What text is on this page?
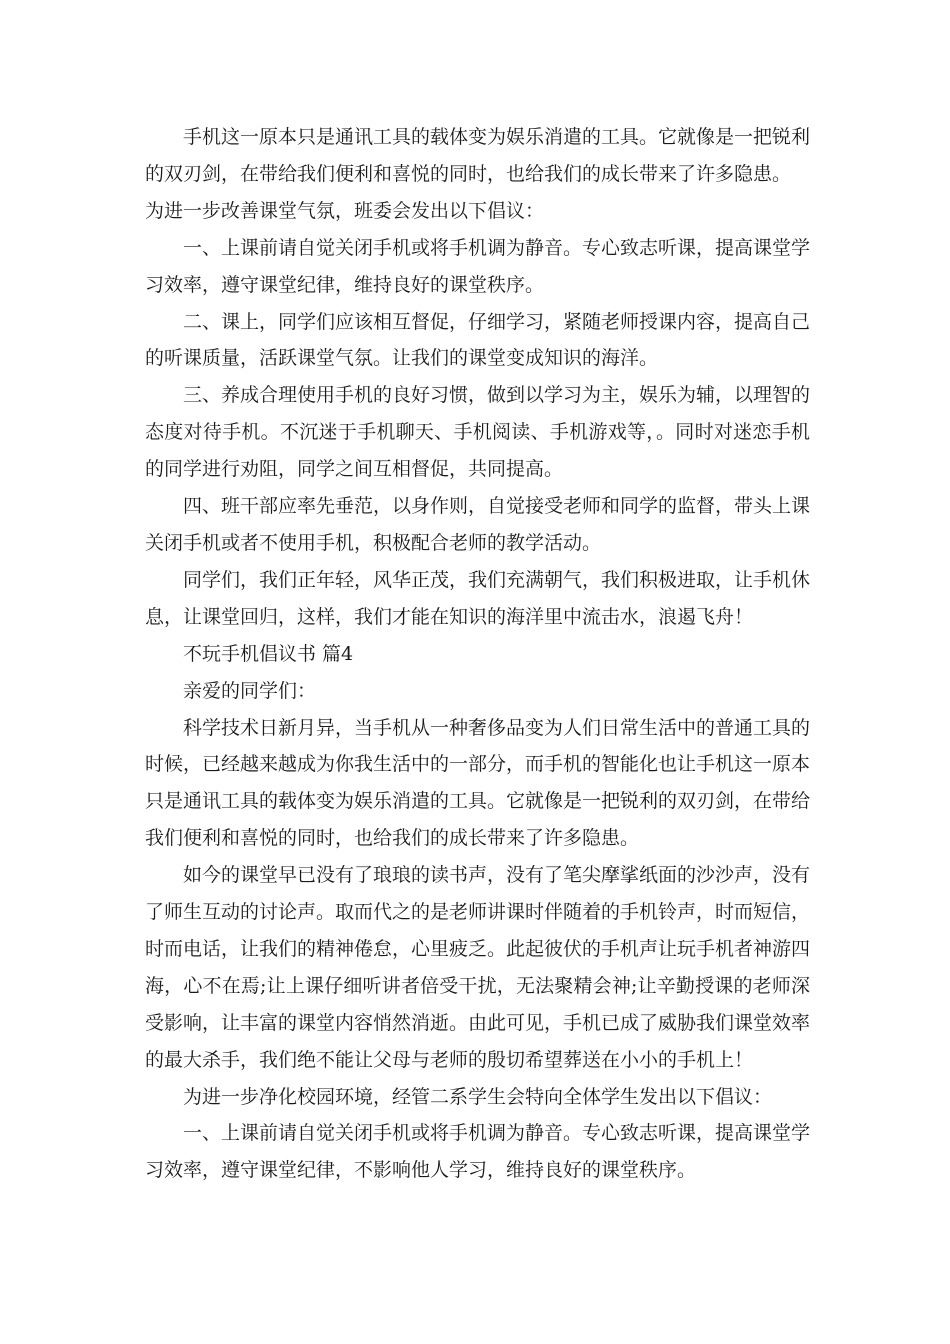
手机这一原本只是通讯工具的载体变为娱乐消遣的工具。它就像是一把锐利的双刃剑，在带给我们便利和喜悦的同时，也给我们的成长带来了许多隐患。

为进一步改善课堂气氛，班委会发出以下倡议：

一、上课前请自觉关闭手机或将手机调为静音。专心致志听课，提高课堂学习效率，遵守课堂纪律，维持良好的课堂秩序。

二、课上，同学们应该相互督促，仔细学习，紧随老师授课内容，提高自己的听课质量，活跃课堂气氛。让我们的课堂变成知识的海洋。

三、养成合理使用手机的良好习惯，做到以学习为主，娱乐为辅，以理智的态度对待手机。不沉迷于手机聊天、手机阅读、手机游戏等，。同时对迷恋手机的同学进行劝阻，同学之间互相督促，共同提高。

四、班干部应率先垂范，以身作则，自觉接受老师和同学的监督，带头上课关闭手机或者不使用手机，积极配合老师的教学活动。

同学们，我们正年轻，风华正茂，我们充满朝气，我们积极进取，让手机休息，让课堂回归，这样，我们才能在知识的海洋里中流击水，浪遏飞舟！

不玩手机倡议书 篇4

亲爱的同学们：

科学技术日新月异，当手机从一种奢侈品变为人们日常生活中的普通工具的时候，已经越来越成为你我生活中的一部分，而手机的智能化也让手机这一原本只是通讯工具的载体变为娱乐消遣的工具。它就像是一把锐利的双刃剑，在带给我们便利和喜悦的同时，也给我们的成长带来了许多隐患。

如今的课堂早已没有了琅琅的读书声，没有了笔尖摩挲纸面的沙沙声，没有了师生互动的讨论声。取而代之的是老师讲课时伴随着的手机铃声，时而短信，时而电话，让我们的精神倦怠，心里疲乏。此起彼伏的手机声让玩手机者神游四海，心不在焉;让上课仔细听讲者倍受干扰，无法聚精会神;让辛勤授课的老师深受影响，让丰富的课堂内容悄然消逝。由此可见，手机已成了威胁我们课堂效率的最大杀手，我们绝不能让父母与老师的殷切希望葬送在小小的手机上！

为进一步净化校园环境，经管二系学生会特向全体学生发出以下倡议：

一、上课前请自觉关闭手机或将手机调为静音。专心致志听课，提高课堂学习效率，遵守课堂纪律，不影响他人学习，维持良好的课堂秩序。
